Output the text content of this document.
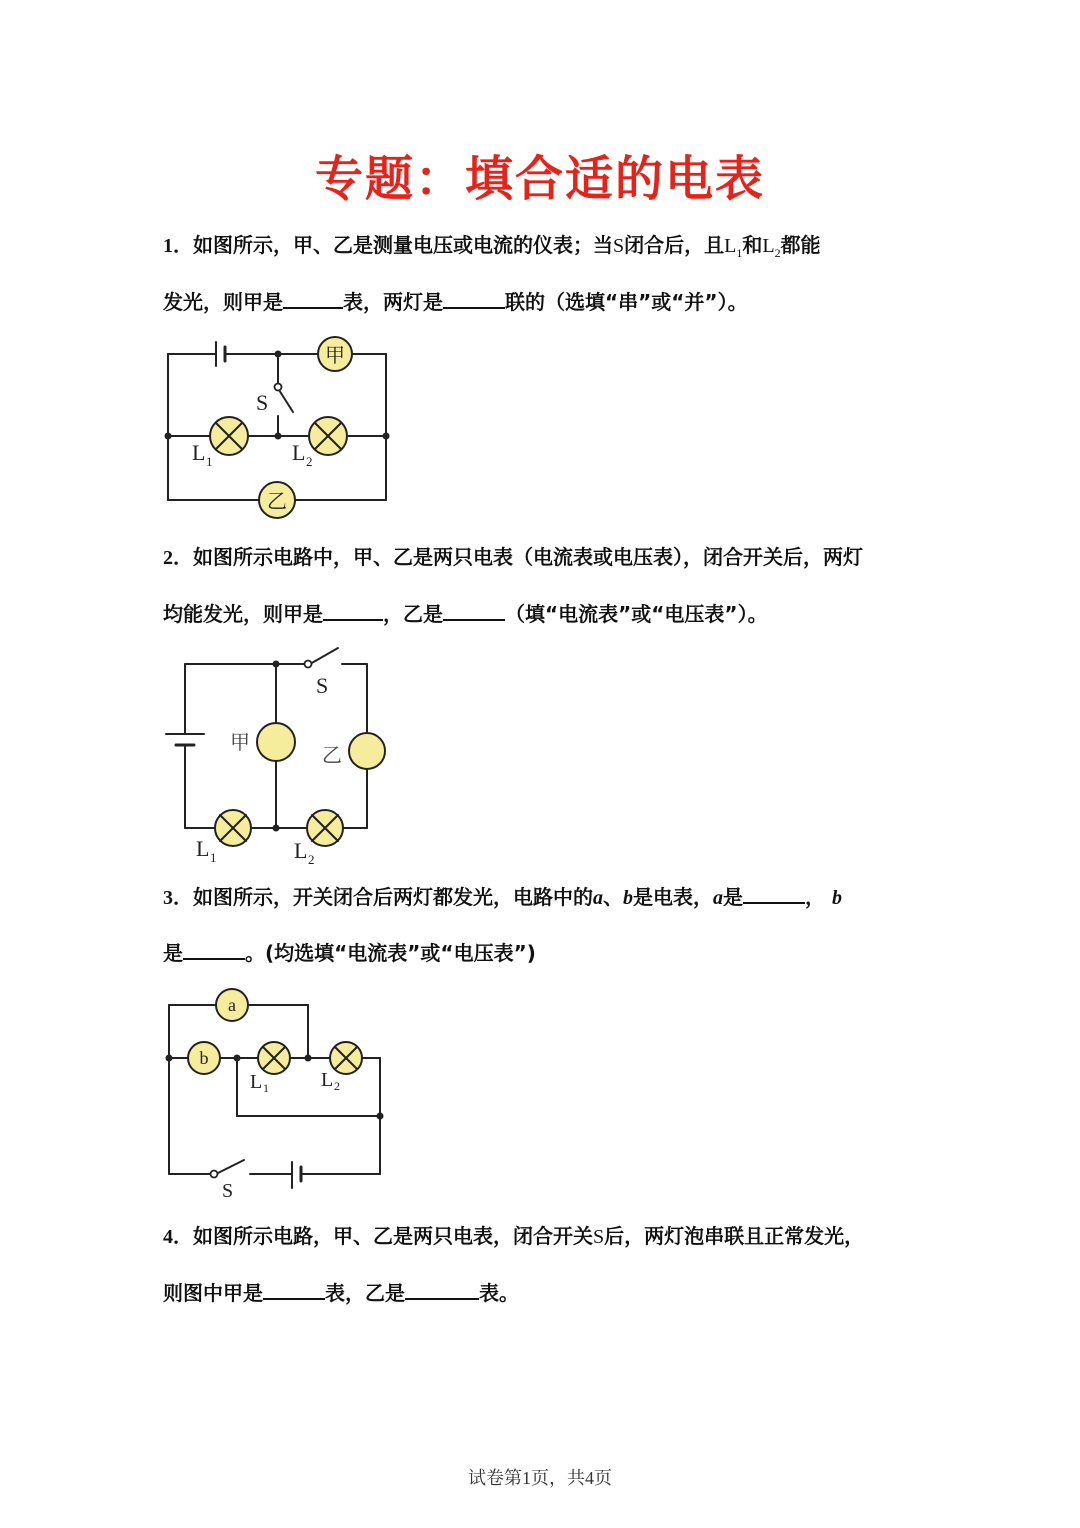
专题：填合适的电表
1．如图所示，甲、乙是测量电压或电流的仪表；当S闭合后，且$L_1$和$L_2$都能
发光，则甲是	表，两灯是	联的（选填“串”或“并”）。
2．如图所示电路中，甲、乙是两只电表（电流表或电压表），闭合开关后，两灯
均能发光，则甲是	，乙是	（填“电流表”或“电压表”）。
3．如图所示，开关闭合后两灯都发光，电路中的a、b是电表，a是	， b
是	。(均选填“电流表”或“电压表”)
4．如图所示电路，甲、乙是两只电表，闭合开关S后，两灯泡串联且正常发光，
则图中甲是	表，乙是	表。
甲
乙
S
L 1	L 2
甲
乙
S
L 1	L 2
a
b
L 1	L 2
S
试卷第1页，共4页
